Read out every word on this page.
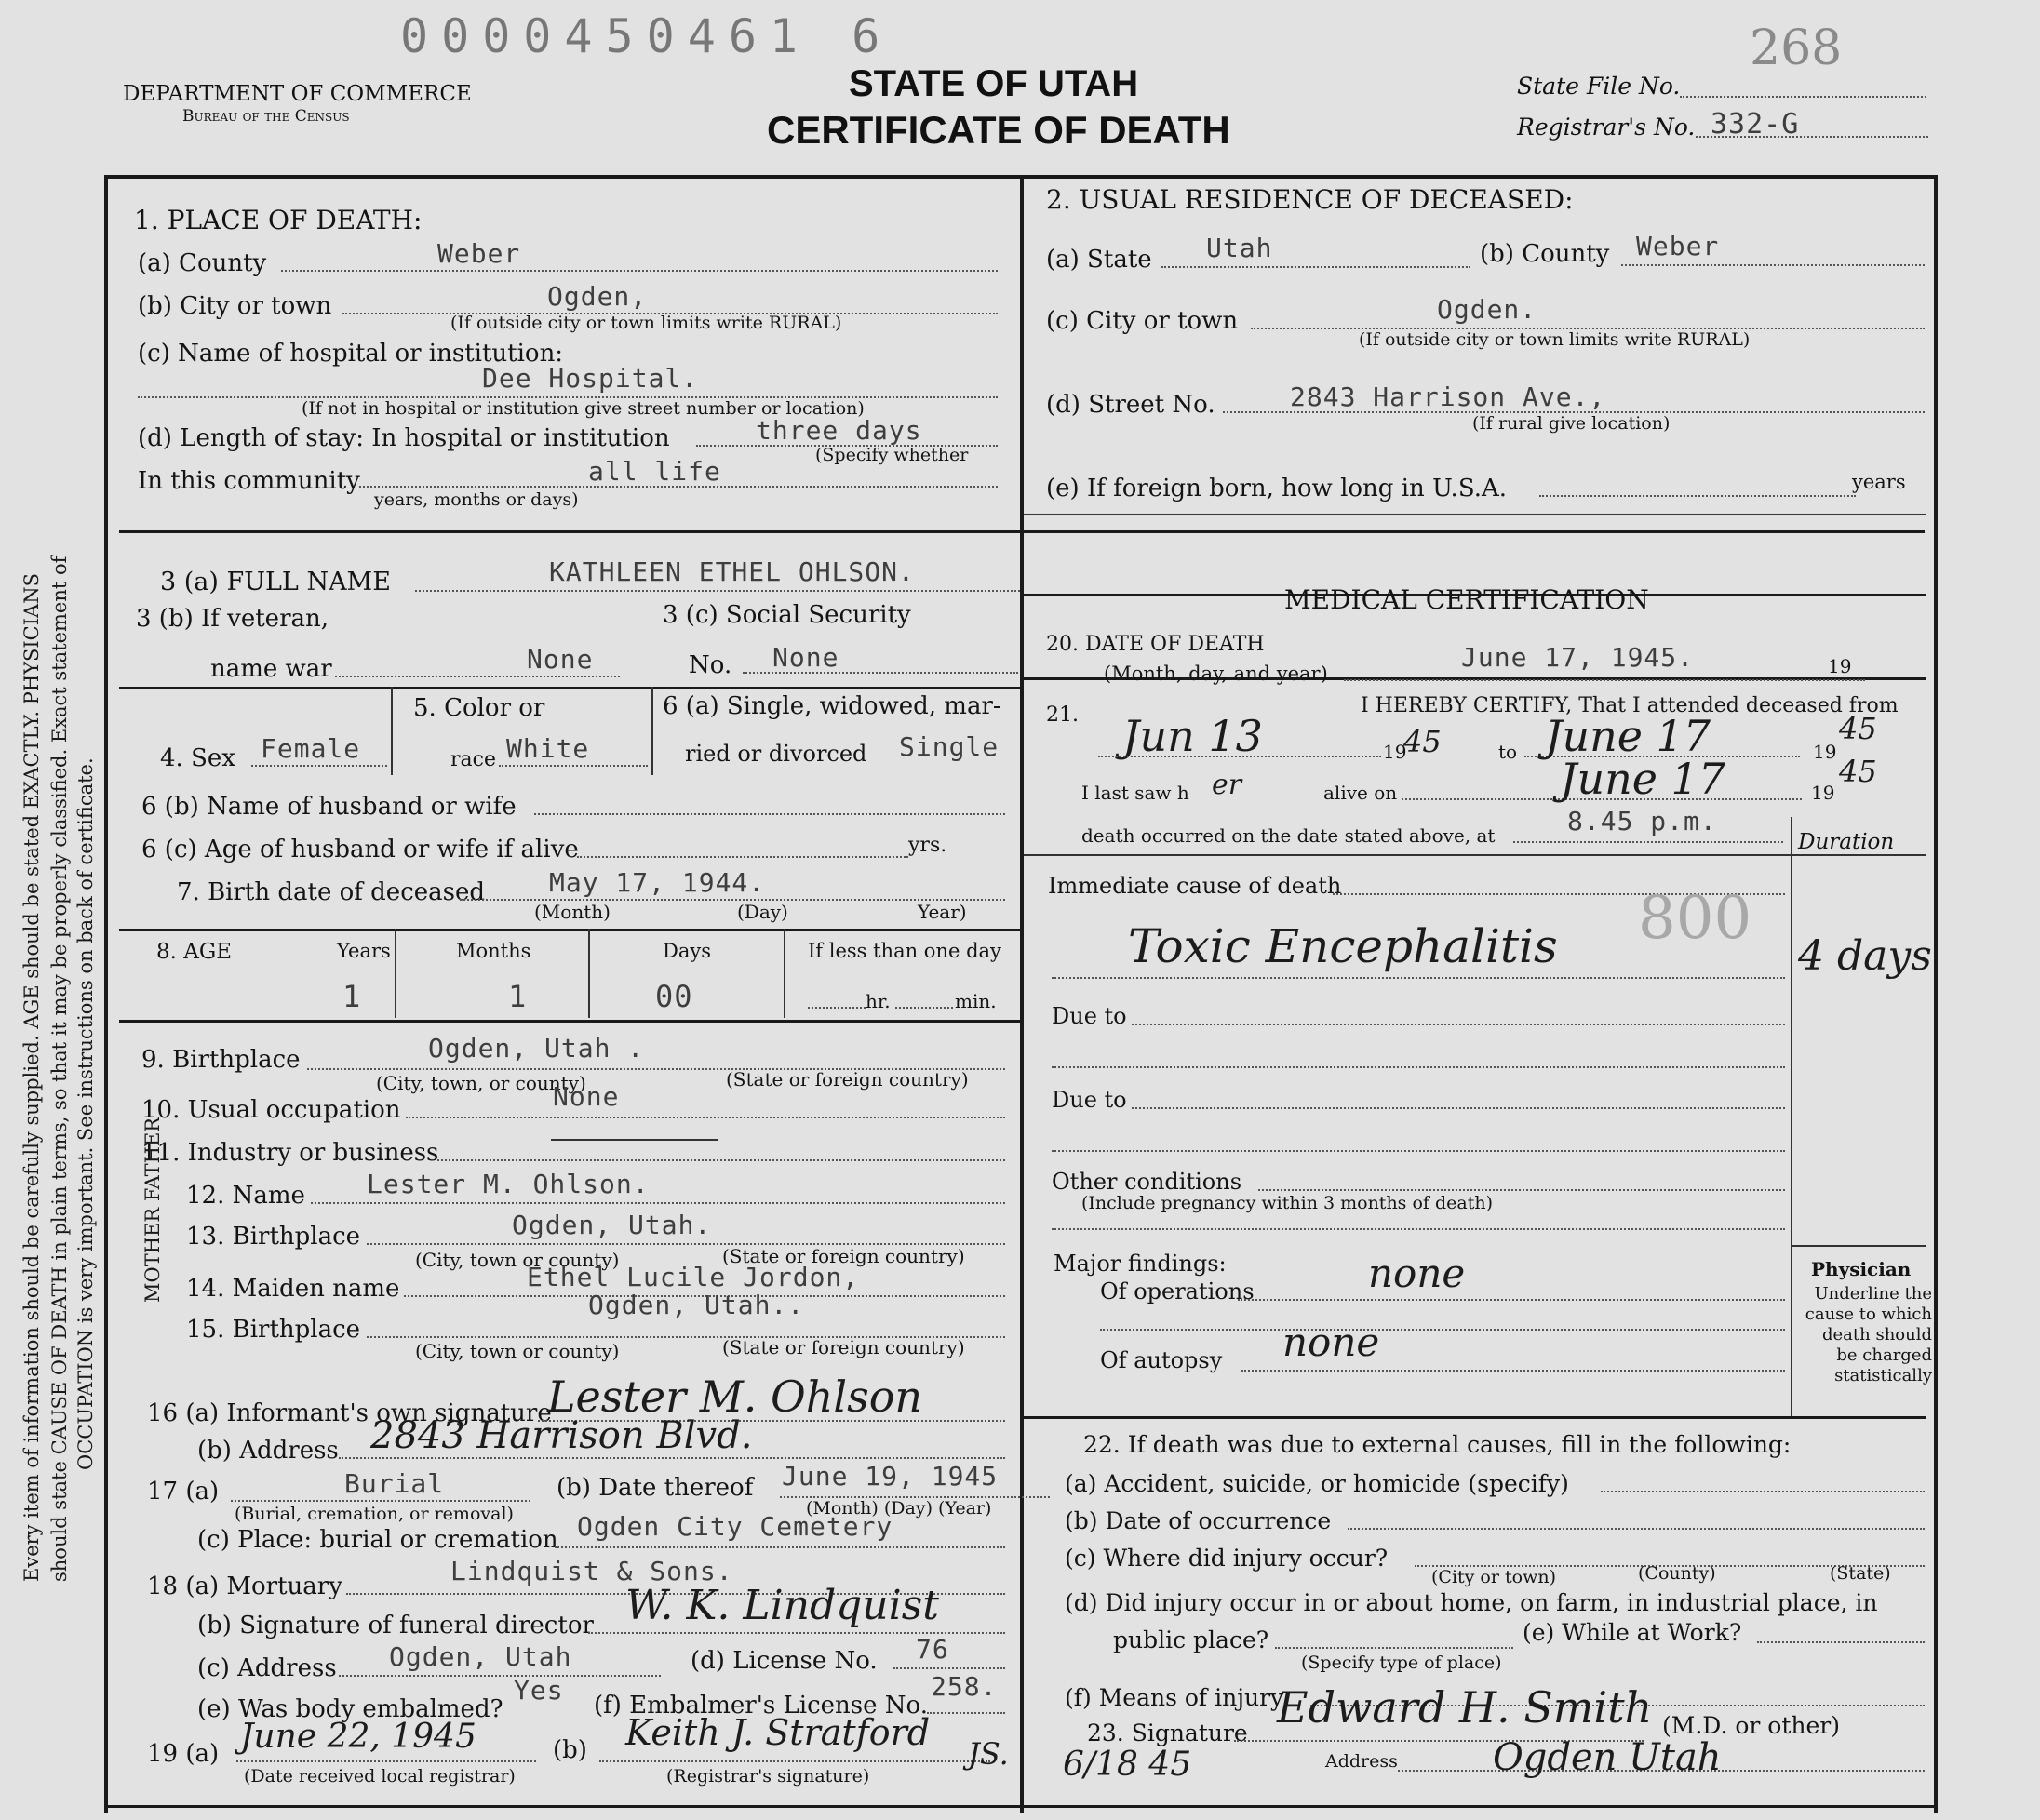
Every item of information should be carefully supplied. AGE should be stated EXACTLY. PHYSICIANS should state CAUSE OF DEATH in plain terms, so that it may be properly classified. Exact statement of OCCUPATION is very important. See instructions on back of certificate.
0000450461 6	268
DEPARTMENT OF COMMERCE
Bureau of the Census
STATE OF UTAH
CERTIFICATE OF DEATH
State File No.
Registrar's No. 332-G
1. PLACE OF DEATH:
(a) County	Weber
(b) City or town	Ogden,
(If outside city or town limits write RURAL)
(c) Name of hospital or institution:
Dee Hospital.
(If not in hospital or institution give street number or location)
(d) Length of stay: In hospital or institution	three days
(Specify whether
In this community	all life
years, months or days)
2. USUAL RESIDENCE OF DECEASED:
(a) State Utah	(b) County Weber
(c) City or town	Ogden.
(If outside city or town limits write RURAL)
(d) Street No.	2843 Harrison Ave.,
(If rural give location)
(e) If foreign born, how long in U.S.A.	years
3 (a) FULL NAME	KATHLEEN ETHEL OHLSON.
3 (b) If veteran,
name war	None
3 (c) Social Security
No. None
4. Sex Female
5. Color or
race White
6 (a) Single, widowed, mar-
ried or divorced Single
6 (b) Name of husband or wife
6 (c) Age of husband or wife if alive	yrs.
7. Birth date of deceased May 17, 1944.
(Month)	(Day)	Year)
8. AGE	Years	Months	Days	If less than one day
1	1	00	hr.	min.
9. Birthplace	Ogden, Utah .
(City, town, or county)	(State or foreign country)
10. Usual occupation	None
11. Industry or business
MOTHER FATHER 12. Name Lester M. Ohlson.
13. Birthplace	Ogden, Utah.
(City, town or county)	(State or foreign country)
14. Maiden name	Ethel Lucile Jordon,
15. Birthplace
Ogden, Utah..
(City, town or county)	(State or foreign country)
16 (a) Informant's own signature
Lester M. Ohlson
(b) Address 2843 Harrison Blvd.
17 (a)	Burial
(Burial, cremation, or removal)
(b) Date thereof June 19, 1945
(Month) (Day) (Year)
(c) Place: burial or cremation Ogden City Cemetery
18 (a) Mortuary	Lindquist & Sons.
(b) Signature of funeral director W. K. Lindquist
(c) Address Ogden, Utah	(d) License No. 76
(e) Was body embalmed?
Yes (f) Embalmer's License No.
258.
19 (a) June 22, 1945
(Date received local registrar)
(b) Keith J. Stratford
(Registrar's signature)
JS.
MEDICAL CERTIFICATION
20. DATE OF DEATH
(Month, day, and year)
June 17, 1945.	19
21.	I HEREBY CERTIFY, That I attended deceased from
Jun 13	19
45	to June 17	19
45
I last saw h er	alive on	June 17	19
45
death occurred on the date stated above, at	8.45 p.m.
Duration
Immediate cause of death
Toxic Encephalitis 800
4 days
Due to
Due to
Other conditions
(Include pregnancy within 3 months of death)
Major findings:
Of operations	none
Of autopsy none
Physician
Underline the cause to which death should be charged statistically
22. If death was due to external causes, fill in the following:
(a) Accident, suicide, or homicide (specify)
(b) Date of occurrence
(c) Where did injury occur?
(City or town)	(County)	(State)
(d) Did injury occur in or about home, on farm, in industrial place, in
public place?	(e) While at Work?
(Specify type of place)
(f) Means of injury
23. Signature
Edward H. Smith (M.D. or other)
6/18 45	Address	Ogden Utah
